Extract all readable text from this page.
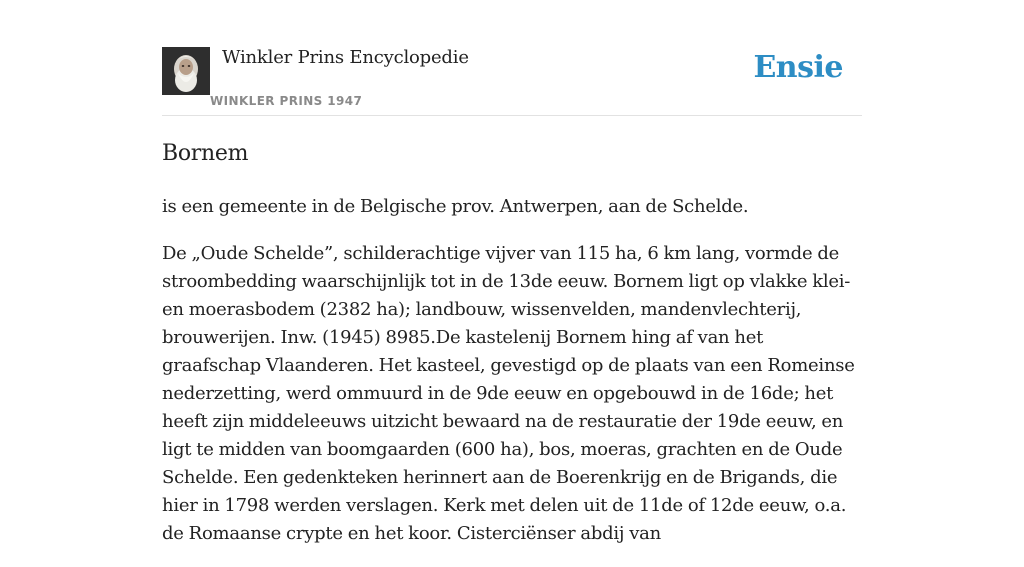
Winkler Prins Encyclopedie
WINKLER PRINS 1947
Ensie
Bornem

is een gemeente in de Belgische prov. Antwerpen, aan de Schelde.

De „Oude Schelde”, schilderachtige vijver van 115 ha, 6 km lang, vormde de stroombedding waarschijnlijk tot in de 13de eeuw. Bornem ligt op vlakke klei- en moerasbodem (2382 ha); landbouw, wissenvelden, mandenvlechterij, brouwerijen. Inw. (1945) 8985.De kastelenij Bornem hing af van het graafschap Vlaanderen. Het kasteel, gevestigd op de plaats van een Romeinse nederzetting, werd ommuurd in de 9de eeuw en opgebouwd in de 16de; het heeft zijn middeleeuws uitzicht bewaard na de restauratie der 19de eeuw, en ligt te midden van boomgaarden (600 ha), bos, moeras, grachten en de Oude Schelde. Een gedenkteken herinnert aan de Boerenkrijg en de Brigands, die hier in 1798 werden verslagen. Kerk met delen uit de 11de of 12de eeuw, o.a. de Romaanse crypte en het koor. Cisterciënser abdij van
